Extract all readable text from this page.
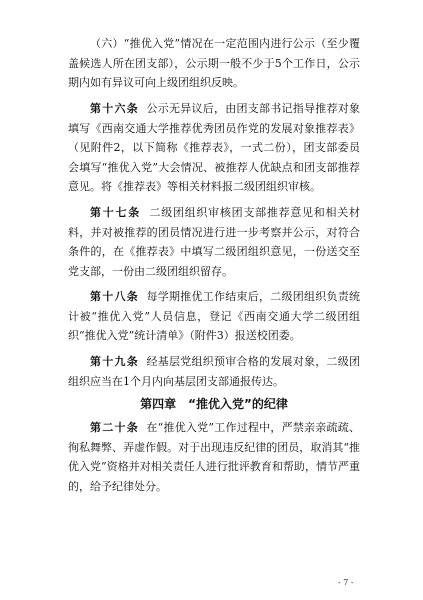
（六）“推优入党”情况在一定范围内进行公示（至少覆盖候选人所在团支部），公示期一般不少于5个工作日，公示期内如有异议可向上级团组织反映。

第十六条 公示无异议后，由团支部书记指导推荐对象填写《西南交通大学推荐优秀团员作党的发展对象推荐表》（见附件2，以下简称《推荐表》，一式二份），团支部委员会填写“推优入党”大会情况、被推荐人优缺点和团支部推荐意见。将《推荐表》等相关材料报二级团组织审核。

第十七条 二级团组织审核团支部推荐意见和相关材料，并对被推荐的团员情况进行进一步考察并公示，对符合条件的，在《推荐表》中填写二级团组织意见，一份送交至党支部，一份由二级团组织留存。

第十八条 每学期推优工作结束后，二级团组织负责统计被“推优入党”人员信息，登记《西南交通大学二级团组织“推优入党”统计清单》（附件3）报送校团委。

第十九条 经基层党组织预审合格的发展对象，二级团组织应当在1个月内向基层团支部通报传达。

第四章　“推优入党”的纪律

第二十条 在“推优入党”工作过程中，严禁亲亲疏疏、徇私舞弊、弄虚作假。对于出现违反纪律的团员，取消其“推优入党”资格并对相关责任人进行批评教育和帮助，情节严重的，给予纪律处分。

- 7 -
